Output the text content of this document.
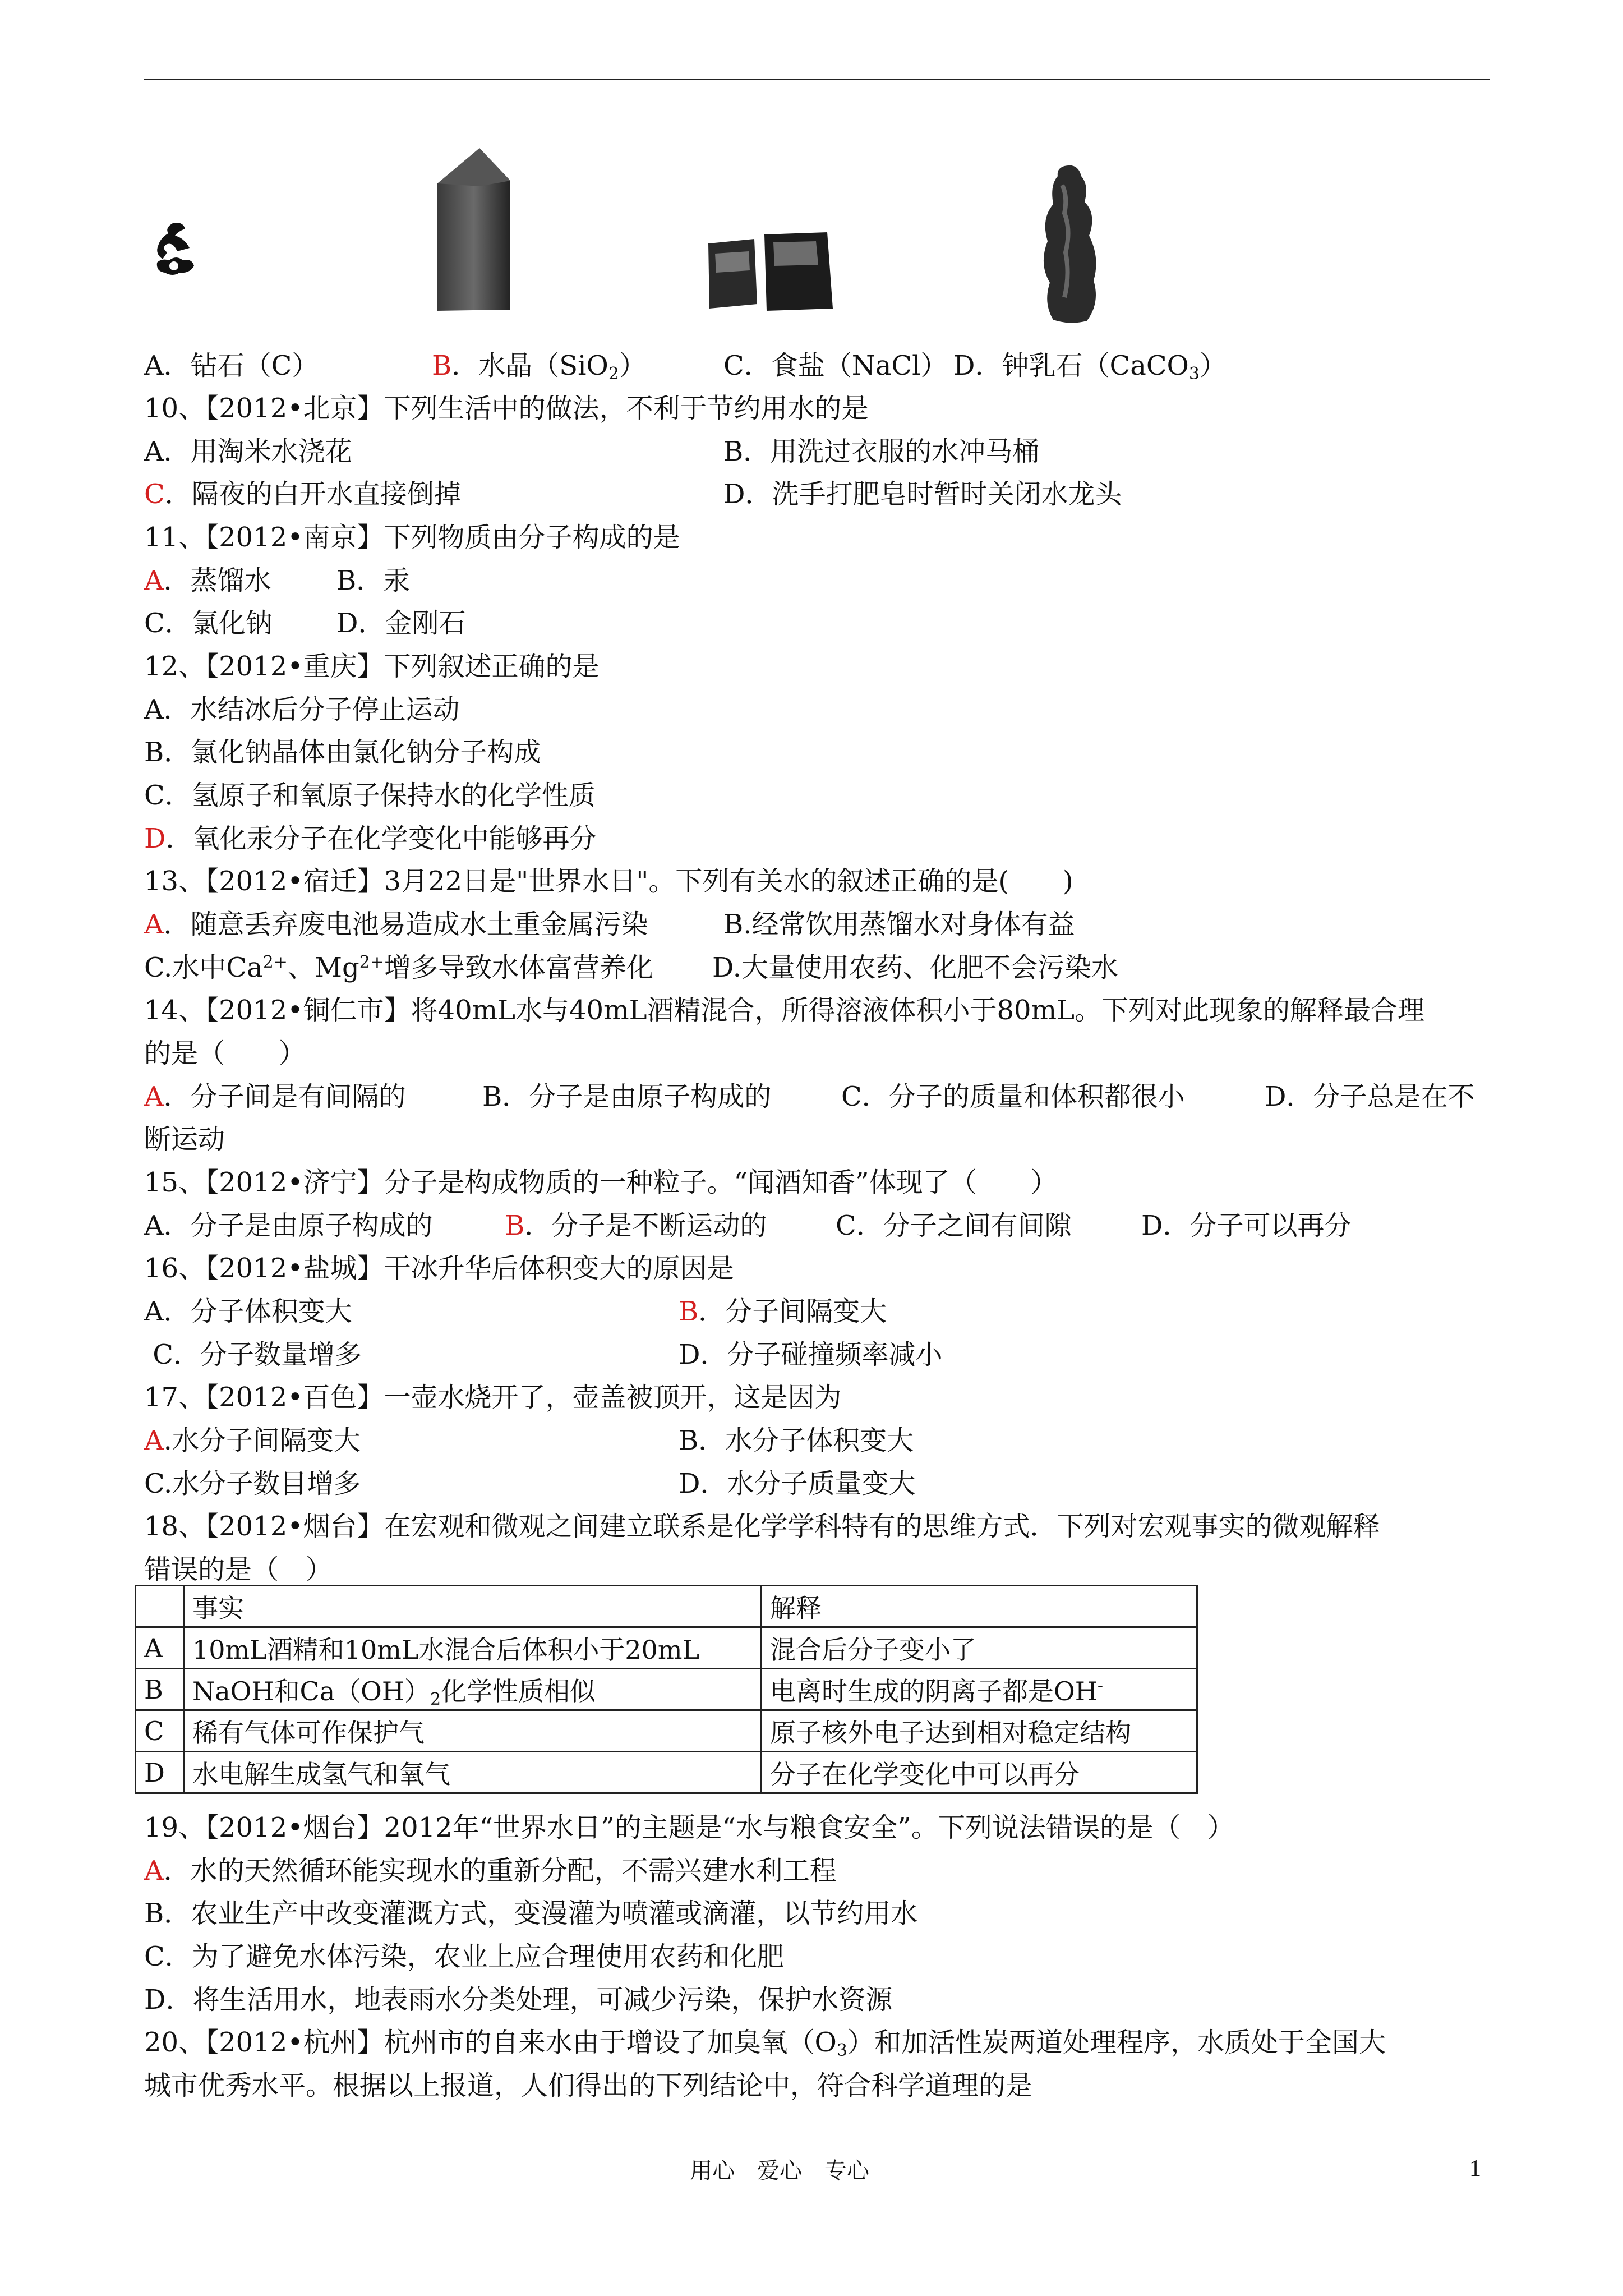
A．钻石（C）	B．水晶（SiO$_2$）	C．食盐（NaCl） D．钟乳石（CaCO$_3$）
10、【2012•北京】下列生活中的做法，不利于节约用水的是
A．用淘米水浇花	B．用洗过衣服的水冲马桶
C．隔夜的白开水直接倒掉	D．洗手打肥皂时暂时关闭水龙头
11、【2012•南京】下列物质由分子构成的是
A．蒸馏水 B．汞
C．氯化钠 D．金刚石
12、【2012•重庆】下列叙述正确的是
A．水结冰后分子停止运动
B．氯化钠晶体由氯化钠分子构成
C．氢原子和氧原子保持水的化学性质
D．氧化汞分子在化学变化中能够再分
13、【2012•宿迁】3月22日是"世界水日"。下列有关水的叙述正确的是(　　)
A．随意丢弃废电池易造成水土重金属污染	B.经常饮用蒸馏水对身体有益
C.水中$Ca^{2+}$、$Mg^{2+}$增多导致水体富营养化 D.大量使用农药、化肥不会污染水
14、【2012•铜仁市】将40mL水与40mL酒精混合，所得溶液体积小于80mL。下列对此现象的解释最合理
的是（　　）
A．分子间是有间隔的	B．分子是由原子构成的	C．分子的质量和体积都很小	D．分子总是在不
断运动
15、【2012•济宁】分子是构成物质的一种粒子。“闻酒知香”体现了（　　）
A．分子是由原子构成的	B．分子是不断运动的	C．分子之间有间隙	D．分子可以再分
16、【2012•盐城】干冰升华后体积变大的原因是
A．分子体积变大	B．分子间隔变大
C．分子数量增多	D．分子碰撞频率减小
17、【2012•百色】一壶水烧开了，壶盖被顶开，这是因为
A.水分子间隔变大	B．水分子体积变大
C.水分子数目增多	D．水分子质量变大
18、【2012•烟台】在宏观和微观之间建立联系是化学学科特有的思维方式．下列对宏观事实的微观解释
错误的是（　）
	事实	解释
A	10mL酒精和10mL水混合后体积小于20mL	混合后分子变小了
B	NaOH和$Ca(OH)_2$化学性质相似	电离时生成的阴离子都是OH-
C	稀有气体可作保护气	原子核外电子达到相对稳定结构
D	水电解生成氢气和氧气	分子在化学变化中可以再分
19、【2012•烟台】2012年“世界水日”的主题是“水与粮食安全”。下列说法错误的是（　）
A．水的天然循环能实现水的重新分配，不需兴建水利工程
B．农业生产中改变灌溉方式，变漫灌为喷灌或滴灌，以节约用水
C．为了避免水体污染，农业上应合理使用农药和化肥
D．将生活用水，地表雨水分类处理，可减少污染，保护水资源
20、【2012•杭州】杭州市的自来水由于增设了加臭氧$(O_3)$和加活性炭两道处理程序，水质处于全国大
城市优秀水平。根据以上报道，人们得出的下列结论中，符合科学道理的是
用心　爱心　专心	1
